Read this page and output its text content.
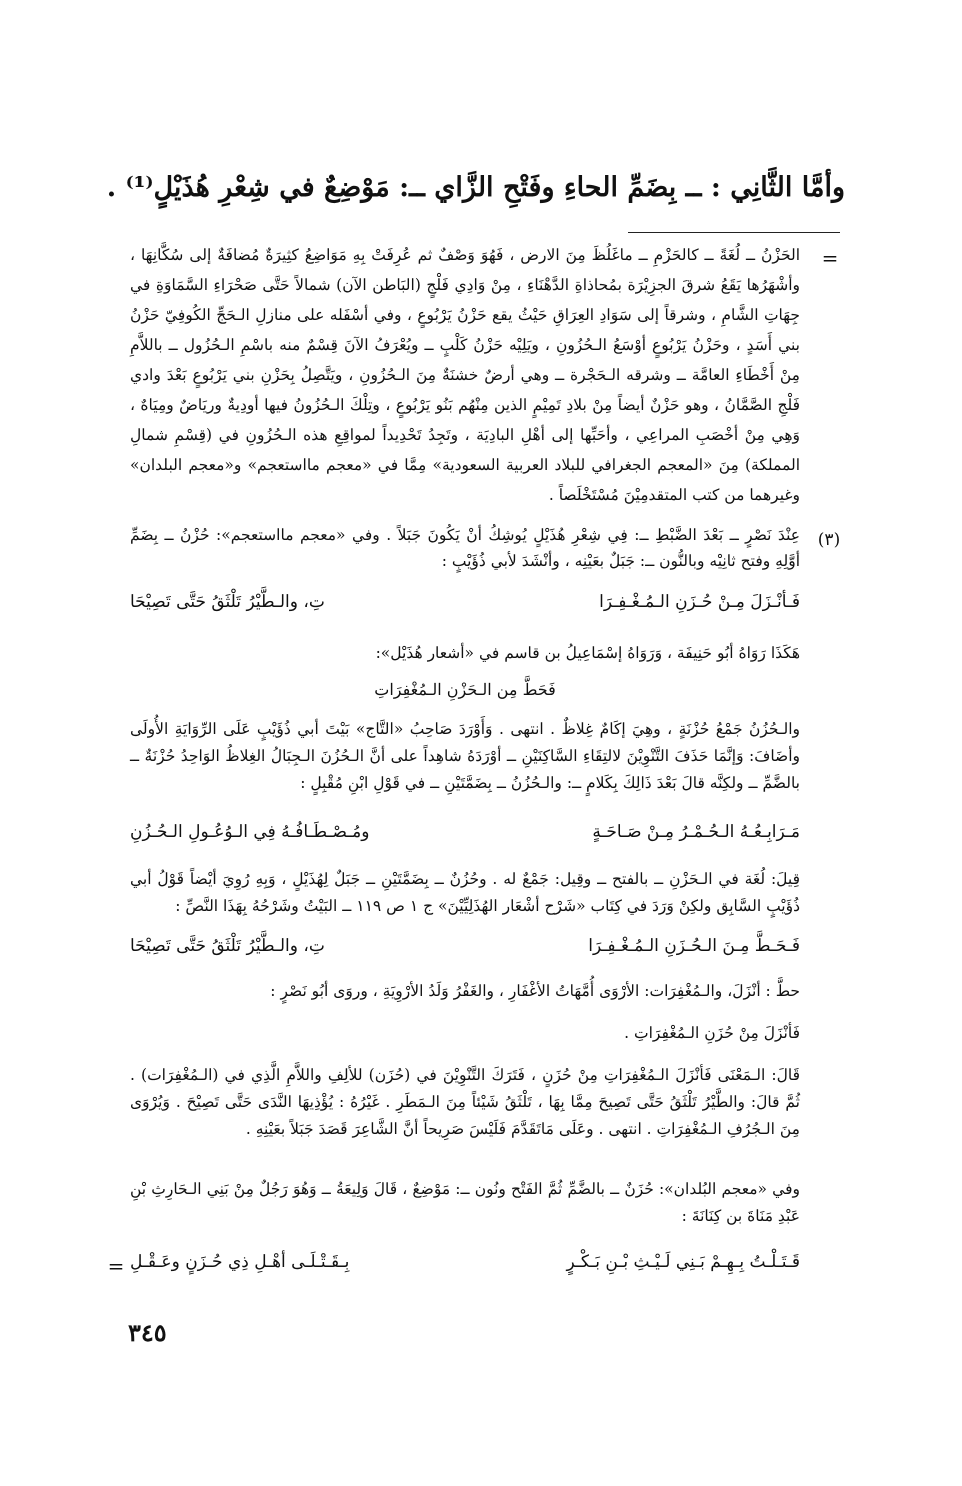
وأمَّا الثَّانِي : ــ بِضَمِّ الحاءِ وفَتْحِ الزَّاي ــ: مَوْضِعٌ في شِعْرِ هُذَيْلٍ⁽¹⁾ .
=

الحَزْنُ ــ لُغَةً ــ كالحَزْمِ ــ ماغَلُظَ مِنَ الارض ، فَهُوَ وَصْفٌ ثم عُرِفَتْ بِهِ مَوَاضِعُ كثِيرَةٌ مُضافَةٌ إلى سُكَّانِهَا ، وأشْهَرُها يَقَعُ شرقَ الجزِيْرَة بمُحاذاةِ الدَّهْنَاءِ ، مِنْ وَادِي فَلْجٍ (البَاطن الآن) شمالاً حَتَّى صَحْرَاءِ السَّمَاوَةِ في جِهَاتِ الشَّامِ ، وشرقاً إلى سَوَادِ العِرَاقِ حَيْثُ يقع حَزْنُ يَرْبُوعٍ ، وفي أسْفَله على منازلِ الـحَجِّ الكُوفِيّ حَزْنُ بني أَسَدٍ ، وحَزْنُ يَرْبُوعٍ أوْسَعُ الـحُزُونِ ، ويَلِيْه حَزْنُ كَلْبٍ ــ ويُعْرَفُ الآنَ قِسْمٌ منه باسْمِ الـحُزُول ــ باللاَّمِ مِنْ أَخْطَاءِ العامَّة ــ وشرقه الـحَجْرة ــ وهي أرضٌ خشنَةٌ مِنَ الـحُزُونِ ، ويَتَّصِلُ بِحَزْنِ بني يَرْبُوعٍ بَعْدَ وادي فَلْجِ الصَّمَّانُ ، وهو حَزْنٌ أيضاً مِنْ بلادِ تَمِيْمٍ الذين مِنْهُم بَنُو يَرْبُوعٍ ، وتِلْكَ الـحُزُونُ فيها أودِيةٌ وريَاضٌ ومِيَاهٌ ، وَهِي مِنْ أخْصَبِ المراعِي ، وأحَبِّها إلى أهْلِ البادِيَة ، وتَجِدُ تَحْدِيداً لمواقِعِ هذه الـحُزُونِ في (قِسْمِ شمالِ المملكة) مِنَ «المعجم الجغرافي للبلاد العربية السعودية» مِمَّا في «معجم مااستعجم» و«معجم البلدان» وغيرهما من كتب المتقدمِيْنَ مُسْتَخْلَصاً .

(٣)

عِنْدَ نَصْرٍ ــ بَعْدَ الضَّبْطِ ــ: فِي شِعْرِ هُذَيْلٍ يُوشِكُ أنْ يَكُونَ جَبَلاً . وفي «معجم مااستعجم»: حُزْنُ ــ بِضَمِّ أوَّلِهِ وفتح ثانِيْه وبالنُّون ــ: جَبَلٌ بعَيْنِه ، وأنْشَدَ لأبي ذُؤَيْبٍ :

فَـأنْـزَلَ مِـنْ حُـزَنِ الـمُـغْـفِـرَا
تِ، والـطَّيْرُ تَلْثَقُ حَتَّى تَصِيْحَا
هَكَذَا رَوَاهُ أبُو حَنِيفَة ، وَرَوَاهُ إسْمَاعِيلُ بن قاسم في «أشعار هُذَيْل»:
فَحَطَّ مِن الـحَزْنِ الـمُغْفِرَاتِ

والـحُزُنُ جَمْعُ حُزْنَةٍ ، وهِيَ إكَامٌ غِلاظٌ . انتهى . وَأَوْرَدَ صَاحِبُ «التَّاج» بَيْتَ أبي ذُؤَيْبٍ عَلَى الرِّوَايَةِ الأُولَى وأضَافَ: وَإنَّمَا حَذَفَ التَّنْوِيْنَ لالتِقَاءِ السَّاكِنَيْنِ ــ أوْرَدَهُ شاهِداً على أنَّ الـحُزُنَ الـجِبَالُ الغِلاظُ الوَاحِدُ حُزْنَةٌ ــ بالضَّمِّ ــ ولكِنَّه قالَ بَعْدَ ذَالِكَ بِكَلامٍ ــ: والـحُزُنُ ــ بِضَمَّتَيْنِ ــ في قَوْلِ ابْنِ مُقْبِلٍ :

مَـرَابِـعُـهُ الـحُـمْـرُ مِـنْ صَـاحَـةٍ
ومُـصْـطَـافُـهُ فِي الـوُعُـولِ الـحُـزُنِ

قِيلَ: لُغَة في الـحَزْنِ ــ بالفتح ــ وقِيل: جَمْعٌ له . وحُزُنٌ ــ بِضَمَّتَيْنِ ــ جَبَلٌ لِهُذَيْلٍ ، وَبِهِ رُوِيَ أيْضاً قَوْلُ أبي ذُؤَيْبٍ السَّابِق ولكِنْ وَرَدَ في كِتَاب «شَرْح أشْعَار الهُذَلِيِّيْنَ» ج ١ ص ١١٩ ــ البَيْتُ وشَرْحُهُ بِهَذَا النَّصِّ :

فَـحَـطَّ مِـنَ الـحُـزَنِ الـمُـغْـفِـرَا
تِ، والـطَّيْرُ تَلْثَقُ حَتَّى تَصِيْحَا
حطَّ : أنْزَلَ، والـمُغْفِرَات: الأرْوَى أُمَّهَاتُ الأغْفَارِ ، والغَفْرُ وَلَدُ الأرْوِيَةِ ، وروَى أبُو نَصْرٍ :
فَأنْزَلَ مِنْ حُزَنِ الـمُغْفِرَاتِ .

قَالَ: الـمَعْنَى فَأنْزَلَ الـمُغْفِرَاتِ مِنْ حُزَنٍ ، فَتَرَكَ التَّنْوِيْنَ في (حُزَن) للألِفِ واللاَّمِ الَّذِي في (الـمُغْفِرَات) . ثُمَّ قالَ: والطَّيْرُ تَلْثَقُ حَتَّى تَصِيحَ مِمَّا بِهَا ، تَلْثَقُ شَيْئاً مِنَ الـمَطَرِ . غَيْرُهُ : يُؤْذِيهَا النَّدَى حَتَّى تَصِيْحَ . وَيُرْوَى مِنَ الـجُرُفِ الـمُغْفِرَاتِ . انتهى . وعَلَى مَاتَقَدَّمَ فَلَيْسَ صَرِيحاً أنَّ الشَّاعِرَ قَصَدَ جَبَلاً بعَيْنِهِ .

وفي «معجم البُلدان»: حُزَنٌ ــ بالضَّمِّ ثُمَّ الفَتْح ونُون ــ: مَوْضِعٌ ، قَالَ وَلِيعَةُ ــ وَهُوَ رَجُلٌ مِنْ بَنِي الـحَارِثِ بْنِ عَبْدِ مَنَاةَ بن كِنَانَةَ :

قَـتَـلْـتُ بِـهِـمْ بَـنِي لَـيْـثِ بْـنِ بَـكْـرٍ
بِـقَـتْـلَـى أهْـلِ ذِي حُـزَنٍ وعَـقْـلِ
=
٣٤٥
